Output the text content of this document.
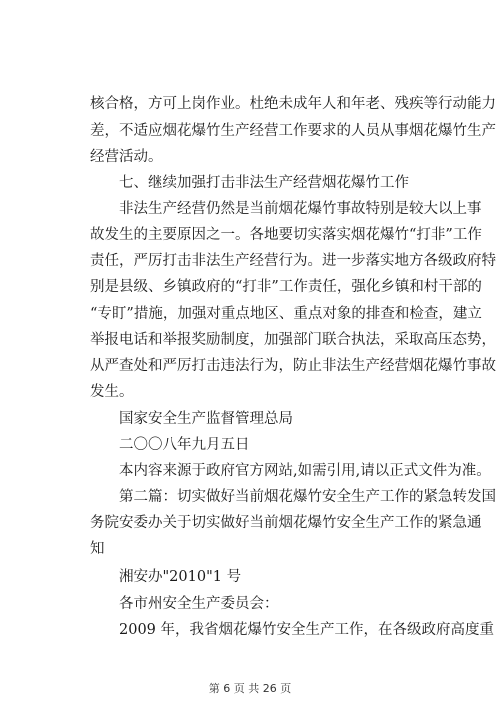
核合格，方可上岗作业。杜绝未成年人和年老、残疾等行动能力
差，不适应烟花爆竹生产经营工作要求的人员从事烟花爆竹生产
经营活动。
七、继续加强打击非法生产经营烟花爆竹工作
非法生产经营仍然是当前烟花爆竹事故特别是较大以上事
故发生的主要原因之一。各地要切实落实烟花爆竹“打非”工作
责任，严厉打击非法生产经营行为。进一步落实地方各级政府特
别是县级、乡镇政府的“打非”工作责任，强化乡镇和村干部的
“专盯”措施，加强对重点地区、重点对象的排查和检查，建立
举报电话和举报奖励制度，加强部门联合执法，采取高压态势，
从严查处和严厉打击违法行为，防止非法生产经营烟花爆竹事故
发生。
国家安全生产监督管理总局
二〇〇八年九月五日
本内容来源于政府官方网站,如需引用,请以正式文件为准。
第二篇：切实做好当前烟花爆竹安全生产工作的紧急转发国
务院安委办关于切实做好当前烟花爆竹安全生产工作的紧急通
知
湘安办"2010"1 号
各市州安全生产委员会：
2009 年，我省烟花爆竹安全生产工作，在各级政府高度重
第 6 页 共 26 页
